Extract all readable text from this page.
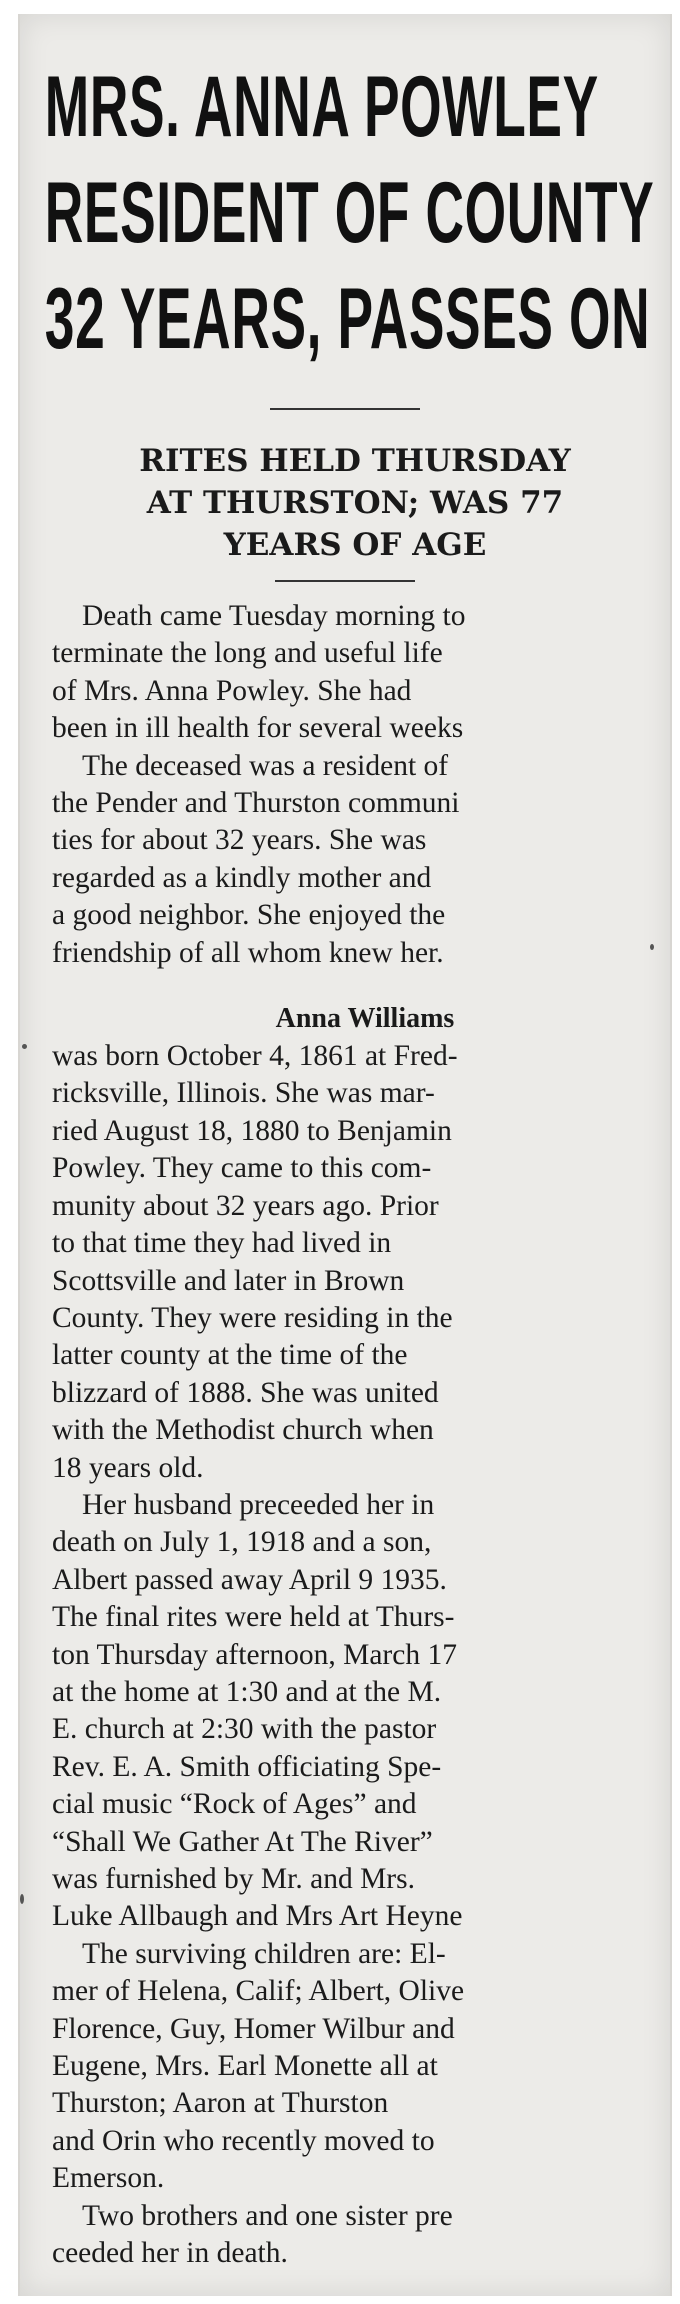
MRS. ANNA POWLEY
RESIDENT OF COUNTY
32 YEARS, PASSES ON
RITES HELD THURSDAY
AT THURSTON; WAS 77
YEARS OF AGE
Death came Tuesday morning to
terminate the long and useful life
of Mrs. Anna Powley. She had
been in ill health for several weeks
The deceased was a resident of
the Pender and Thurston communi
ties for about 32 years. She was
regarded as a kindly mother and
a good neighbor. She enjoyed the
friendship of all whom knew her.
Anna Williams
was born October 4, 1861 at Fred-
ricksville, Illinois. She was mar-
ried August 18, 1880 to Benjamin
Powley. They came to this com-
munity about 32 years ago. Prior
to that time they had lived in
Scottsville and later in Brown
County. They were residing in the
latter county at the time of the
blizzard of 1888. She was united
with the Methodist church when
18 years old.
Her husband preceeded her in
death on July 1, 1918 and a son,
Albert passed away April 9 1935.
The final rites were held at Thurs-
ton Thursday afternoon, March 17
at the home at 1:30 and at the M.
E. church at 2:30 with the pastor
Rev. E. A. Smith officiating Spe-
cial music “Rock of Ages” and
“Shall We Gather At The River”
was furnished by Mr. and Mrs.
Luke Allbaugh and Mrs Art Heyne
The surviving children are: El-
mer of Helena, Calif; Albert, Olive
Florence, Guy, Homer Wilbur and
Eugene, Mrs. Earl Monette all at
Thurston; Aaron at Thurston
and Orin who recently moved to
Emerson.
Two brothers and one sister pre
ceeded her in death.
